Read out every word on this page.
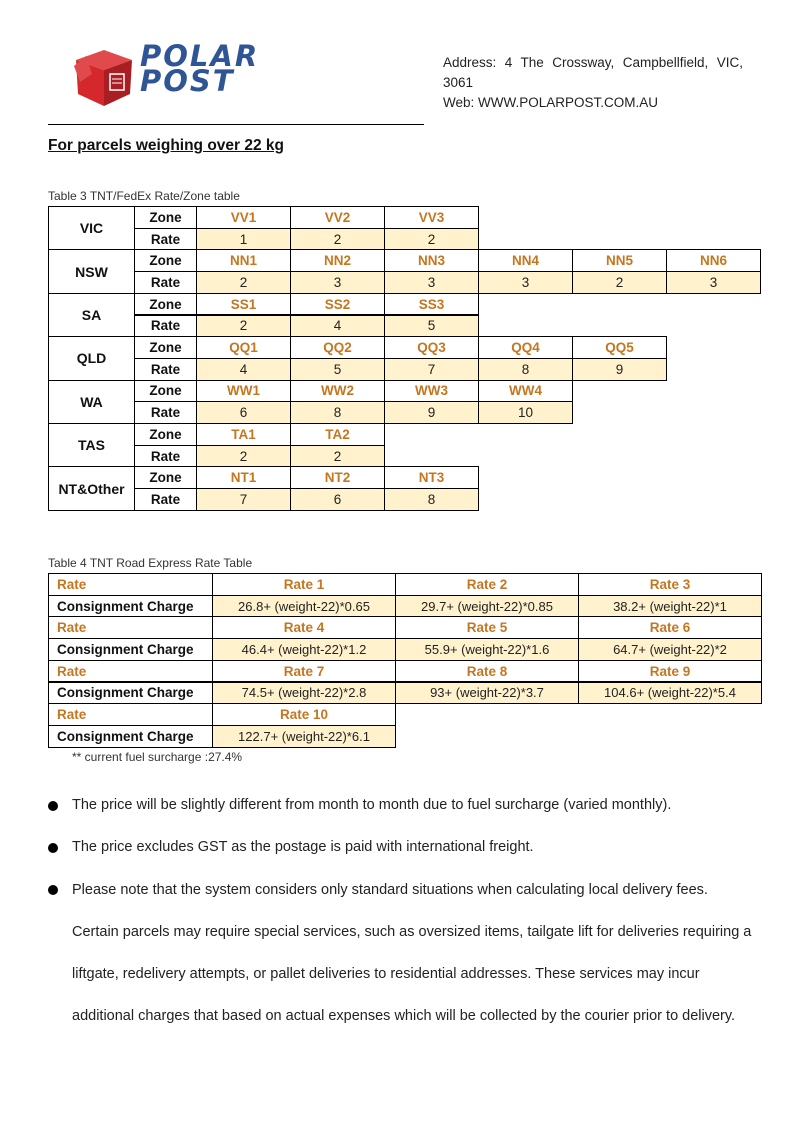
POLAR
POST
Address: 4 The Crossway, Campbellfield, VIC,
3061
Web: WWW.POLARPOST.COM.AU
For parcels weighing over 22 kg
Table 3 TNT/FedEx Rate/Zone table
VIC
Zone
Rate
VV1
1
VV2
2
VV3
2
NSW
Zone
Rate
NN1
2
NN2
3
NN3
3
NN4
3
NN5
2
NN6
3
SA
Zone
Rate
SS1
2
SS2
4
SS3
5
QLD
Zone
Rate
QQ1
4
QQ2
5
QQ3
7
QQ4
8
QQ5
9
WA
Zone
Rate
WW1
6
WW2
8
WW3
9
WW4
10
TAS
Zone
Rate
TA1
2
TA2
2
NT&Other
Zone
Rate
NT1
7
NT2
6
NT3
8
Table 4 TNT Road Express Rate Table
Rate
Consignment Charge
Rate 1
26.8+ (weight-22)*0.65
Rate 2
29.7+ (weight-22)*0.85
Rate 3
38.2+ (weight-22)*1
Rate
Consignment Charge
Rate 4
46.4+ (weight-22)*1.2
Rate 5
55.9+ (weight-22)*1.6
Rate 6
64.7+ (weight-22)*2
Rate
Consignment Charge
Rate 7
74.5+ (weight-22)*2.8
Rate 8
93+ (weight-22)*3.7
Rate 9
104.6+ (weight-22)*5.4
Rate
Consignment Charge
Rate 10
122.7+ (weight-22)*6.1
** current fuel surcharge :27.4%
The price will be slightly different from month to month due to fuel surcharge (varied monthly).
The price excludes GST as the postage is paid with international freight.
Please note that the system considers only standard situations when calculating local delivery fees. Certain parcels may require special services, such as oversized items, tailgate lift for deliveries requiring a liftgate, redelivery attempts, or pallet deliveries to residential addresses. These services may incur additional charges that based on actual expenses which will be collected by the courier prior to delivery.
